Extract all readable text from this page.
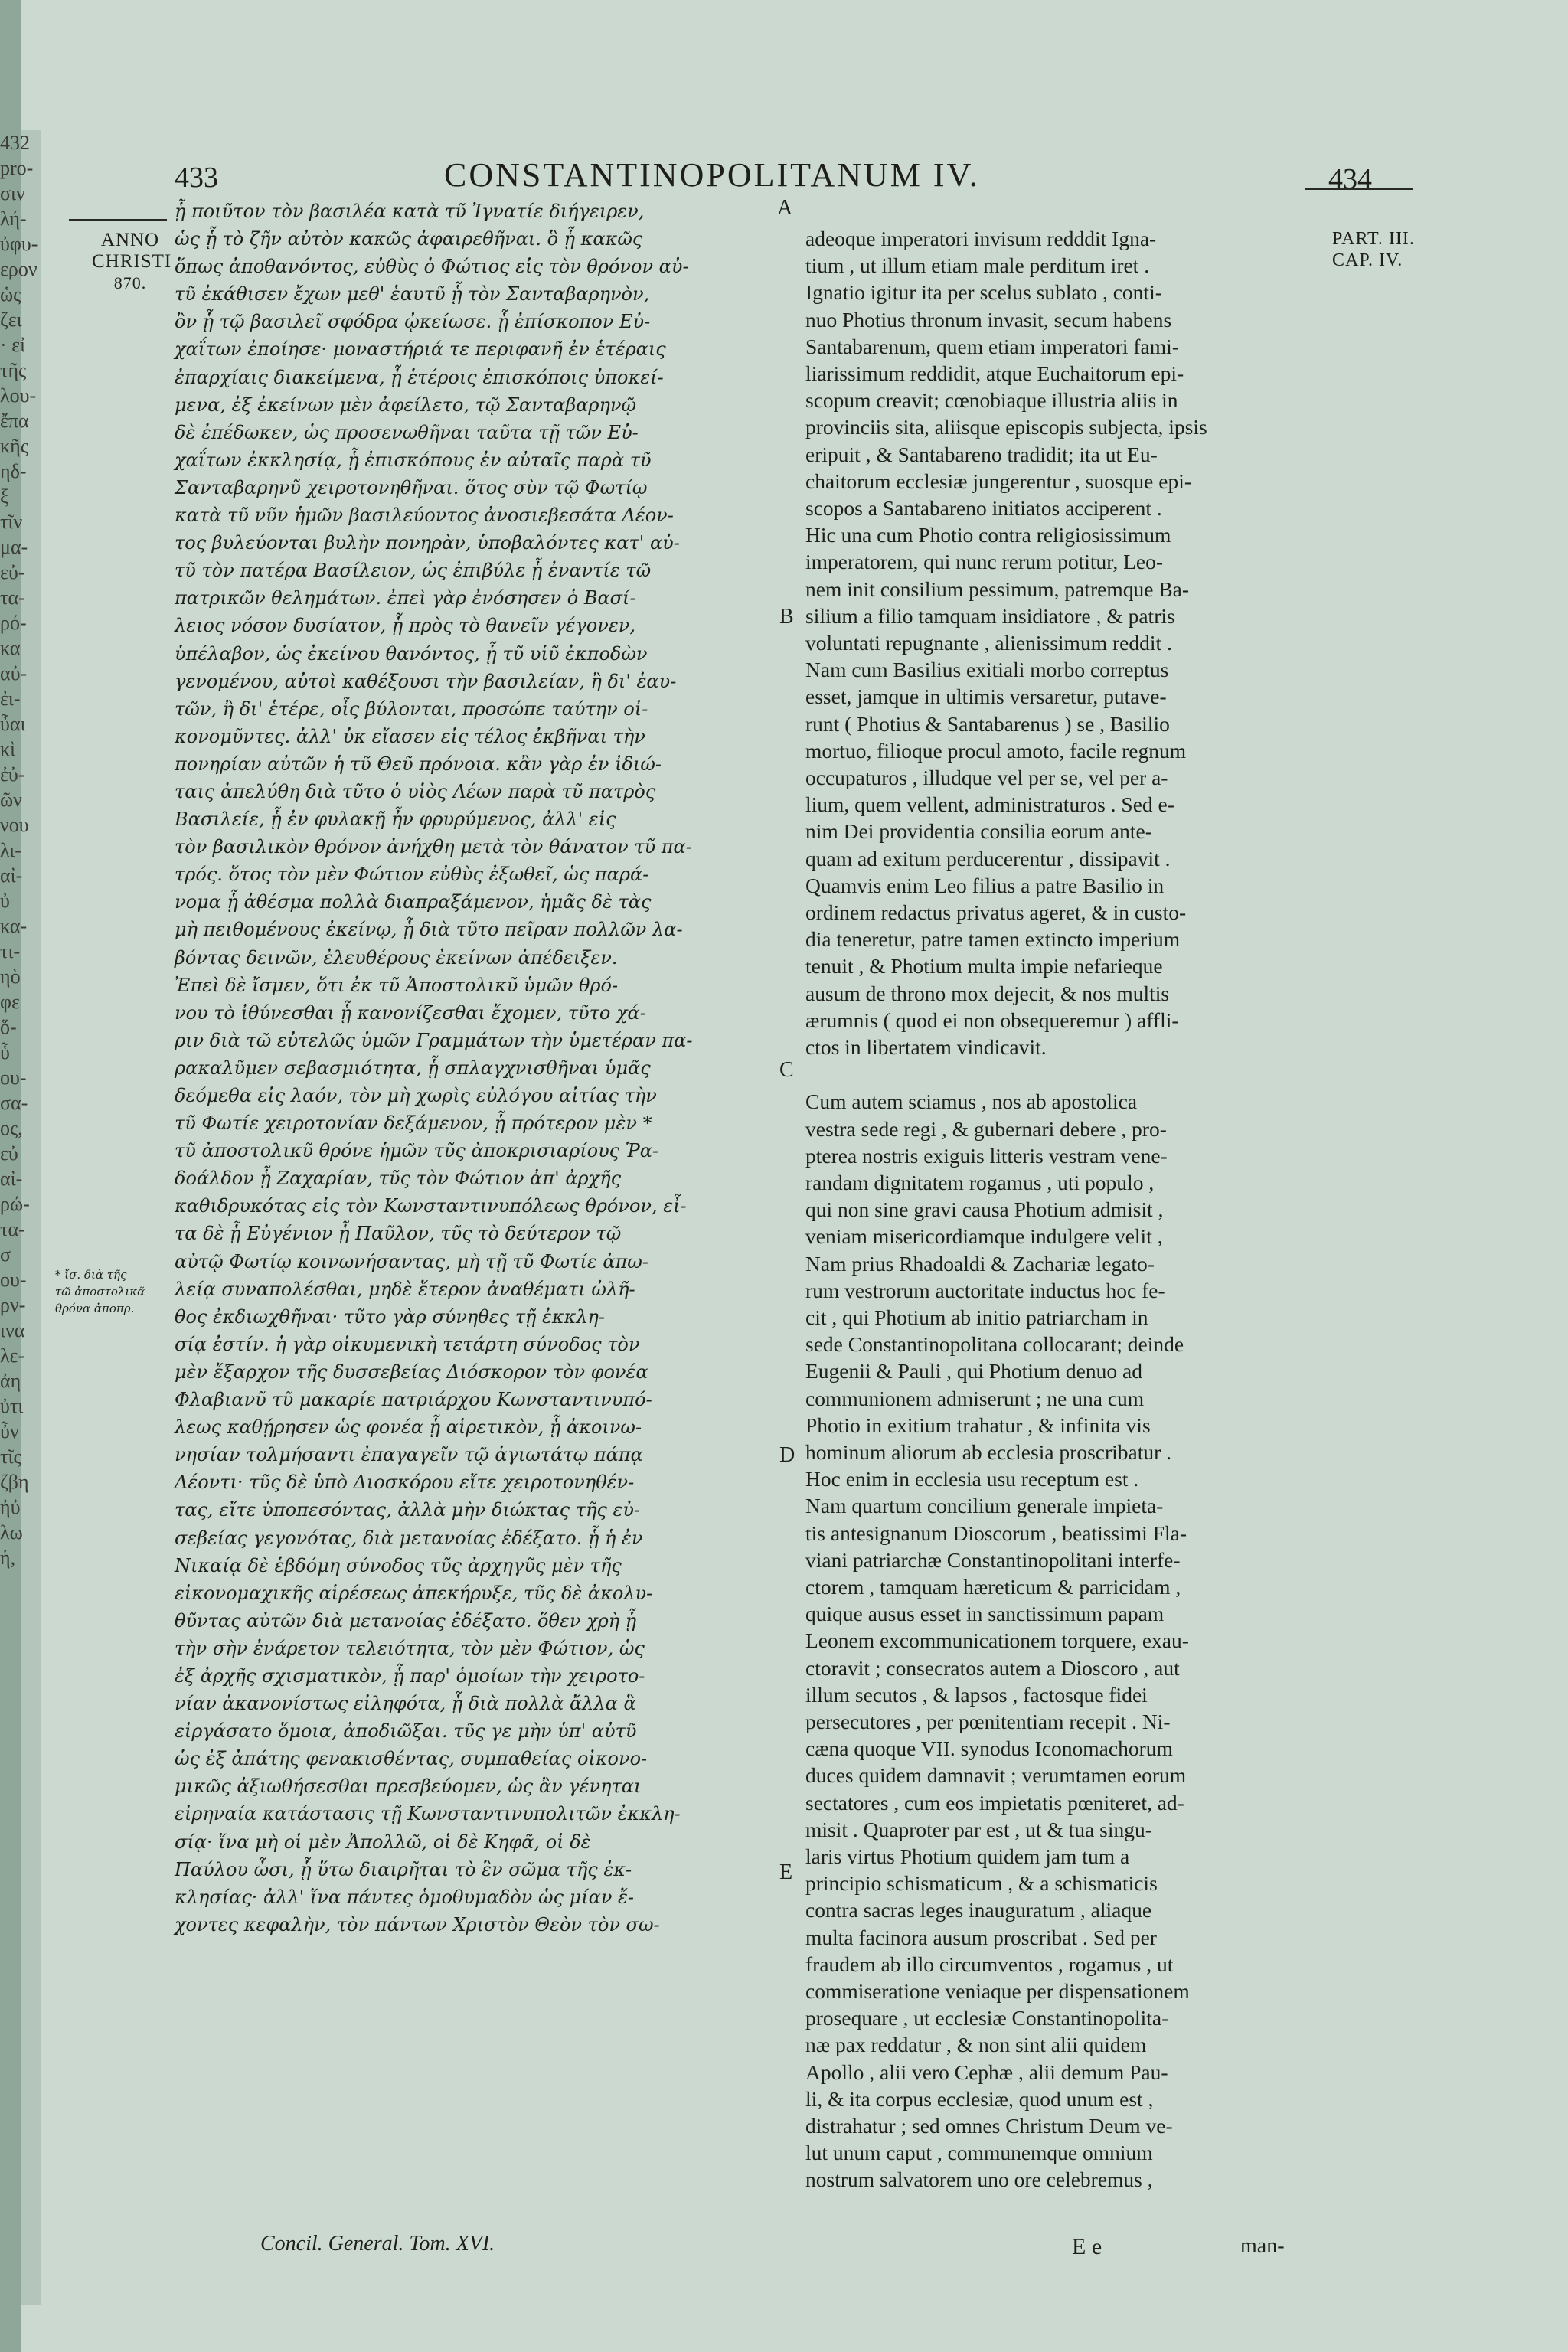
432
pro-
σιν
λή-
ὐφυ-
ερον
ὡς
ζει
· εἰ
τῆς
λου-
ἔπα
κῆς
ηδ-
ξ
τῖν
μα-
εὐ-
τα-
ρό-
κα
αὐ-
ἐι-
ὖαι
κὶ
ἐὐ-
ῶν
νου
λι-
αἰ-
ὐ
κα-
τι-
ηὸ
φε
ὅ-
ὗ
ου-
σα-
ος,
εὐ
αἰ-
ρώ-
τα-
σ
ου-
ρν-
ινα
λε-
ἀη
ὐτι
ὖν
τῖς
ζβη
ἠὐ
λω
ἡ,
433	CONSTANTINOPOLITANUM IV.	434
ANNO
CHRISTI
870.
PART. III.
CAP. IV.
* ἴσ. διὰ τῆς
τῶ ἀποστολικᾶ
θρόνα ἀποπρ.
ᾗ ποιῦτον τὸν βασιλέα κατὰ τῦ Ἰγνατίε διήγειρεν,
ὡς ᾗ τὸ ζῆν αὐτὸν κακῶς ἀφαιρεθῆναι. ὃ ᾗ κακῶς
ὅπως ἀποθανόντος, εὐθὺς ὁ Φώτιος εἰς τὸν θρόνον αὐ-
τῦ ἐκάθισεν ἔχων μεθ' ἑαυτῦ ᾗ τὸν Σανταβαρηνὸν,
ὃν ᾗ τῷ βασιλεῖ σφόδρα ᾠκείωσε. ᾗ ἐπίσκοπον Εὐ-
χαΐτων ἐποίησε· μοναστήριά τε περιφανῆ ἐν ἑτέραις
ἐπαρχίαις διακείμενα, ᾗ ἑτέροις ἐπισκόποις ὑποκεί-
μενα, ἐξ ἐκείνων μὲν ἀφείλετο, τῷ Σανταβαρηνῷ
δὲ ἐπέδωκεν, ὡς προσενωθῆναι ταῦτα τῇ τῶν Εὐ-
χαΐτων ἐκκλησίᾳ, ᾗ ἐπισκόπους ἐν αὐταῖς παρὰ τῦ
Σανταβαρηνῦ χειροτονηθῆναι. ὅτος σὺν τῷ Φωτίῳ
κατὰ τῦ νῦν ἡμῶν βασιλεύοντος ἀνοσιεβεσάτα Λέον-
τος βυλεύονται βυλὴν πονηρὰν, ὑποβαλόντες κατ' αὐ-
τῦ τὸν πατέρα Βασίλειον, ὡς ἐπιβύλε ᾗ ἐναντίε τῶ
πατρικῶν θελημάτων. ἐπεὶ γὰρ ἐνόσησεν ὁ Βασί-
λειος νόσον δυσίατον, ᾗ πρὸς τὸ θανεῖν γέγονεν,
ὑπέλαβον, ὡς ἐκείνου θανόντος, ᾗ τῦ υἱῦ ἐκποδὼν
γενομένου, αὐτοὶ καθέξουσι τὴν βασιλείαν, ἢ δι' ἑαυ-
τῶν, ἢ δι' ἑτέρε, οἷς βύλονται, προσώπε ταύτην οἰ-
κονομῦντες. ἀλλ' ὐκ εἴασεν εἰς τέλος ἐκβῆναι τὴν
πονηρίαν αὐτῶν ἡ τῦ Θεῦ πρόνοια. κἂν γὰρ ἐν ἰδιώ-
ταις ἀπελύθη διὰ τῦτο ὁ υἱὸς Λέων παρὰ τῦ πατρὸς
Βασιλείε, ᾗ ἐν φυλακῇ ἦν φρυρύμενος, ἀλλ' εἰς
τὸν βασιλικὸν θρόνον ἀνήχθη μετὰ τὸν θάνατον τῦ πα-
τρός. ὅτος τὸν μὲν Φώτιον εὐθὺς ἐξωθεῖ, ὡς παρά-
νομα ᾗ ἀθέσμα πολλὰ διαπραξάμενον, ἡμᾶς δὲ τὰς
μὴ πειθομένους ἐκείνῳ, ᾗ διὰ τῦτο πεῖραν πολλῶν λα-
βόντας δεινῶν, ἐλευθέρους ἐκείνων ἀπέδειξεν.
Ἐπεὶ δὲ ἴσμεν, ὅτι ἐκ τῦ Ἀποστολικῦ ὑμῶν θρό-
νου τὸ ἰθύνεσθαι ᾗ κανονίζεσθαι ἔχομεν, τῦτο χά-
ριν διὰ τῶ εὐτελῶς ὑμῶν Γραμμάτων τὴν ὑμετέραν πα-
ρακαλῦμεν σεβασμιότητα, ᾗ σπλαγχνισθῆναι ὑμᾶς
δεόμεθα εἰς λαόν, τὸν μὴ χωρὶς εὐλόγου αἰτίας τὴν
τῦ Φωτίε χειροτονίαν δεξάμενον, ᾗ πρότερον μὲν *
τῦ ἀποστολικῦ θρόνε ἡμῶν τῦς ἀποκρισιαρίους Ῥα-
δοάλδον ᾗ Ζαχαρίαν, τῦς τὸν Φώτιον ἀπ' ἀρχῆς
καθιδρυκότας εἰς τὸν Κωνσταντινυπόλεως θρόνον, εἶ-
τα δὲ ᾗ Εὐγένιον ᾗ Παῦλον, τῦς τὸ δεύτερον τῷ
αὐτῷ Φωτίῳ κοινωνήσαντας, μὴ τῇ τῦ Φωτίε ἀπω-
λείᾳ συναπολέσθαι, μηδὲ ἕτερον ἀναθέματι ὠλῆ-
θος ἐκδιωχθῆναι· τῦτο γὰρ σύνηθες τῇ ἐκκλη-
σίᾳ ἐστίν. ἡ γὰρ οἰκυμενικὴ τετάρτη σύνοδος τὸν
μὲν ἔξαρχον τῆς δυσσεβείας Διόσκορον τὸν φονέα
Φλαβιανῦ τῦ μακαρίε πατριάρχου Κωνσταντινυπό-
λεως καθῄρησεν ὡς φονέα ᾗ αἱρετικὸν, ᾗ ἀκοινω-
νησίαν τολμήσαντι ἐπαγαγεῖν τῷ ἁγιωτάτῳ πάπᾳ
Λέοντι· τῦς δὲ ὑπὸ Διοσκόρου εἴτε χειροτονηθέν-
τας, εἴτε ὑποπεσόντας, ἀλλὰ μὴν διώκτας τῆς εὐ-
σεβείας γεγονότας, διὰ μετανοίας ἐδέξατο. ᾗ ἡ ἐν
Νικαίᾳ δὲ ἑβδόμη σύνοδος τῦς ἀρχηγῦς μὲν τῆς
εἰκονομαχικῆς αἱρέσεως ἀπεκήρυξε, τῦς δὲ ἀκολυ-
θῦντας αὐτῶν διὰ μετανοίας ἐδέξατο. ὅθεν χρὴ ᾗ
τὴν σὴν ἐνάρετον τελειότητα, τὸν μὲν Φώτιον, ὡς
ἐξ ἀρχῆς σχισματικὸν, ᾗ παρ' ὁμοίων τὴν χειροτο-
νίαν ἀκανονίστως εἰληφότα, ᾗ διὰ πολλὰ ἄλλα ἃ
εἰργάσατο ὅμοια, ἀποδιῶξαι. τῦς γε μὴν ὑπ' αὐτῦ
ὡς ἐξ ἀπάτης φενακισθέντας, συμπαθείας οἰκονο-
μικῶς ἀξιωθήσεσθαι πρεσβεύομεν, ὡς ἂν γένηται
εἰρηναία κατάστασις τῇ Κωνσταντινυπολιτῶν ἐκκλη-
σίᾳ· ἵνα μὴ οἱ μὲν Ἀπολλῶ, οἱ δὲ Κηφᾶ, οἱ δὲ
Παύλου ὦσι, ᾗ ὕτω διαιρῆται τὸ ἓν σῶμα τῆς ἐκ-
κλησίας· ἀλλ' ἵνα πάντες ὁμοθυμαδὸν ὡς μίαν ἔ-
χοντες κεφαλὴν, τὸν πάντων Χριστὸν Θεὸν τὸν σω-
adeoque imperatori invisum redddit Igna-
tium , ut illum etiam male perditum iret .
Ignatio igitur ita per scelus sublato , conti-
nuo Photius thronum invasit, secum habens
Santabarenum, quem etiam imperatori fami-
liarissimum reddidit, atque Euchaitorum epi-
scopum creavit; cœnobiaque illustria aliis in
provinciis sita, aliisque episcopis subjecta, ipsis
eripuit , & Santabareno tradidit; ita ut Eu-
chaitorum ecclesiæ jungerentur , suosque epi-
scopos a Santabareno initiatos acciperent .
Hic una cum Photio contra religiosissimum
imperatorem, qui nunc rerum potitur, Leo-
nem init consilium pessimum, patremque Ba-
silium a filio tamquam insidiatore , & patris
voluntati repugnante , alienissimum reddit .
Nam cum Basilius exitiali morbo correptus
esset, jamque in ultimis versaretur, putave-
runt ( Photius & Santabarenus ) se , Basilio
mortuo, filioque procul amoto, facile regnum
occupaturos , illudque vel per se, vel per a-
lium, quem vellent, administraturos . Sed e-
nim Dei providentia consilia eorum ante-
quam ad exitum perducerentur , dissipavit .
Quamvis enim Leo filius a patre Basilio in
ordinem redactus privatus ageret, & in custo-
dia teneretur, patre tamen extincto imperium
tenuit , & Photium multa impie nefarieque
ausum de throno mox dejecit, & nos multis
ærumnis ( quod ei non obsequeremur ) affli-
ctos in libertatem vindicavit.
Cum autem sciamus , nos ab apostolica
vestra sede regi , & gubernari debere , pro-
pterea nostris exiguis litteris vestram vene-
randam dignitatem rogamus , uti populo ,
qui non sine gravi causa Photium admisit ,
veniam misericordiamque indulgere velit ,
Nam prius Rhadoaldi & Zachariæ legato-
rum vestrorum auctoritate inductus hoc fe-
cit , qui Photium ab initio patriarcham in
sede Constantinopolitana collocarant; deinde
Eugenii & Pauli , qui Photium denuo ad
communionem admiserunt ; ne una cum
Photio in exitium trahatur , & infinita vis
hominum aliorum ab ecclesia proscribatur .
Hoc enim in ecclesia usu receptum est .
Nam quartum concilium generale impieta-
tis antesignanum Dioscorum , beatissimi Fla-
viani patriarchæ Constantinopolitani interfe-
ctorem , tamquam hæreticum & parricidam ,
quique ausus esset in sanctissimum papam
Leonem excommunicationem torquere, exau-
ctoravit ; consecratos autem a Dioscoro , aut
illum secutos , & lapsos , factosque fidei
persecutores , per pœnitentiam recepit . Ni-
cæna quoque VII. synodus Iconomachorum
duces quidem damnavit ; verumtamen eorum
sectatores , cum eos impietatis pœniteret, ad-
misit . Quaproter par est , ut & tua singu-
laris virtus Photium quidem jam tum a
principio schismaticum , & a schismaticis
contra sacras leges inauguratum , aliaque
multa facinora ausum proscribat . Sed per
fraudem ab illo circumventos , rogamus , ut
commiseratione veniaque per dispensationem
prosequare , ut ecclesiæ Constantinopolita-
næ pax reddatur , & non sint alii quidem
Apollo , alii vero Cephæ , alii demum Pau-
li, & ita corpus ecclesiæ, quod unum est ,
distrahatur ; sed omnes Christum Deum ve-
lut unum caput , communemque omnium
nostrum salvatorem uno ore celebremus ,
A
B
C
D
E
Concil. General. Tom. XVI.	E e	man-
